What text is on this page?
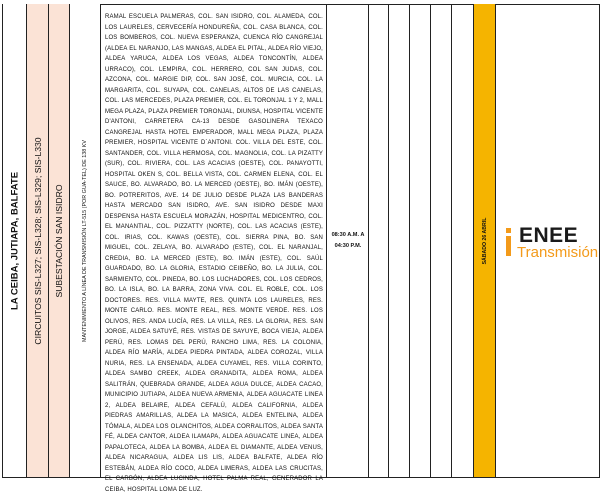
LA CEIBA, JUTIAPA, BALFATE CIRCUITOS SIS-L327; SIS-L328; SIS-L329; SIS-L330 SUBESTACIÓN SAN ISIDRO	MANTENIMIENTO A LÍNEA DE TRANSMISIÓN LT-515 (POR GUA-TEL) DE 138 KV
RAMAL ESCUELA PALMERAS, COL. SAN ISIDRO, COL. ALAMEDA, COL. LOS LAURELES, CERVECERÍA HONDUREÑA, COL. CASA BLANCA, COL. LOS BOMBEROS, COL. NUEVA ESPERANZA, CUENCA RÍO CANGREJAL (ALDEA EL NARANJO, LAS MANGAS, ALDEA EL PITAL, ALDEA RÍO VIEJO, ALDEA YARUCA, ALDEA LOS VEGAS, ALDEA TONCONTÍN, ALDEA URRACO), COL. LEMPIRA, COL. HERRERO, COL SAN JUDAS, COL. AZCONA, COL. MARGIE DIP, COL. SAN JOSÉ, COL. MURCIA, COL. LA MARGARITA, COL. SUYAPA, COL. CANELAS, ALTOS DE LAS CANELAS, COL. LAS MERCEDES, PLAZA PREMIER, COL. EL TORONJAL 1 Y 2, MALL MEGA PLAZA, PLAZA PREMIER TORONJAL, DIUNSA, HOSPITAL VICENTE D'ANTONI, CARRETERA CA-13 DESDE GASOLINERA TEXACO CANGREJAL HASTA HOTEL EMPERADOR, MALL MEGA PLAZA, PLAZA PREMIER, HOSPITAL VICENTE D´ANTONI. COL. VILLA DEL ESTE, COL. SANTANDER, COL. VILLA HERMOSA, COL. MAGNOLIA, COL. LA PIZATTY (SUR), COL. RIVIERA, COL. LAS ACACIAS (OESTE), COL. PANAYOTTI, HOSPITAL OKEN S, COL. BELLA VISTA, COL. CARMEN ELENA, COL. EL SAUCE, BO. ALVARADO, BO. LA MERCED (OESTE), BO. IMÁN (OESTE), BO. POTRERITOS, AVE. 14 DE JULIO DESDE PLAZA LAS BANDERAS HASTA MERCADO SAN ISIDRO, AVE. SAN ISIDRO DESDE MAXI DESPENSA HASTA ESCUELA MORAZÁN, HOSPITAL MEDICENTRO, COL. EL MANANTIAL, COL. PIZZATTY (NORTE), COL. LAS ACACIAS (ESTE), COL. IRIAS, COL. KAWAS (OESTE), COL. SIERRA PINA, BO. SAN MIGUEL, COL. ZELAYA, BO. ALVARADO (ESTE), COL. EL NARANJAL, CREDIA, BO. LA MERCED (ESTE), BO. IMÁN (ESTE), COL. SAÚL GUARDADO, BO. LA GLORIA, ESTADIO CEIBEÑO, BO. LA JULIA, COL. SARMIENTO, COL. PINEDA, BO. LOS LUCHADORES, COL. LOS CEDROS, BO. LA ISLA, BO. LA BARRA, ZONA VIVA. COL. EL ROBLE, COL. LOS DOCTORES. RES. VILLA MAYTE, RES. QUINTA LOS LAURELES, RES. MONTE CARLO. RES. MONTE REAL, RES. MONTE VERDE. RES. LOS OLIVOS, RES. ANDA LUCÍA, RES. LA VILLA, RES. LA GLORIA, RES. SAN JORGE, ALDEA SATUYÉ, RES. VISTAS DE SAYUYE, BOCA VIEJA, ALDEA PERÚ, RES. LOMAS DEL PERÚ, RANCHO LIMA, RES. LA COLONIA, ALDEA RÍO MARÍA, ALDEA PIEDRA PINTADA, ALDEA COROZAL, VILLA NURIA, RES. LA ENSENADA, ALDEA CUYAMEL, RES. VILLA CORINTO, ALDEA SAMBO CREEK, ALDEA GRANADITA, ALDEA ROMA, ALDEA SALITRÁN, QUEBRADA GRANDE, ALDEA AGUA DULCE, ALDEA CACAO, MUNICIPIO JUTIAPA, ALDEA NUEVA ARMENIA, ALDEA AGUACATE LINEA 2, ALDEA BELAIRE, ALDEA CEFALÚ, ALDEA CALIFORNIA, ALDEA PIEDRAS AMARILLAS, ALDEA LA MASICA, ALDEA ENTELINA, ALDEA TÓMALA, ALDEA LOS OLANCHITOS, ALDEA CORRALITOS, ALDEA SANTA FÉ, ALDEA CANTOR, ALDEA ILAMAPA, ALDEA AGUACATE LINEA, ALDEA PAPALOTECA, ALDEA LA BOMBA, ALDEA EL DIAMANTE, ALDEA VENUS, ALDEA NICARAGUA, ALDEA LIS LIS, ALDEA BALFATE, ALDEA RÍO ESTEBÁN, ALDEA RÍO COCO, ALDEA LIMERAS, ALDEA LAS CRUCITAS, EL CARBÓN, ALDEA LUCINDA, HOTEL PALMA REAL, GENERADOR LA CEIBA, HOSPITAL LOMA DE LUZ.
08:30 A.M. A
04:30 P.M.	SÁBADO 26 ABRIL ENEE
Transmisión
